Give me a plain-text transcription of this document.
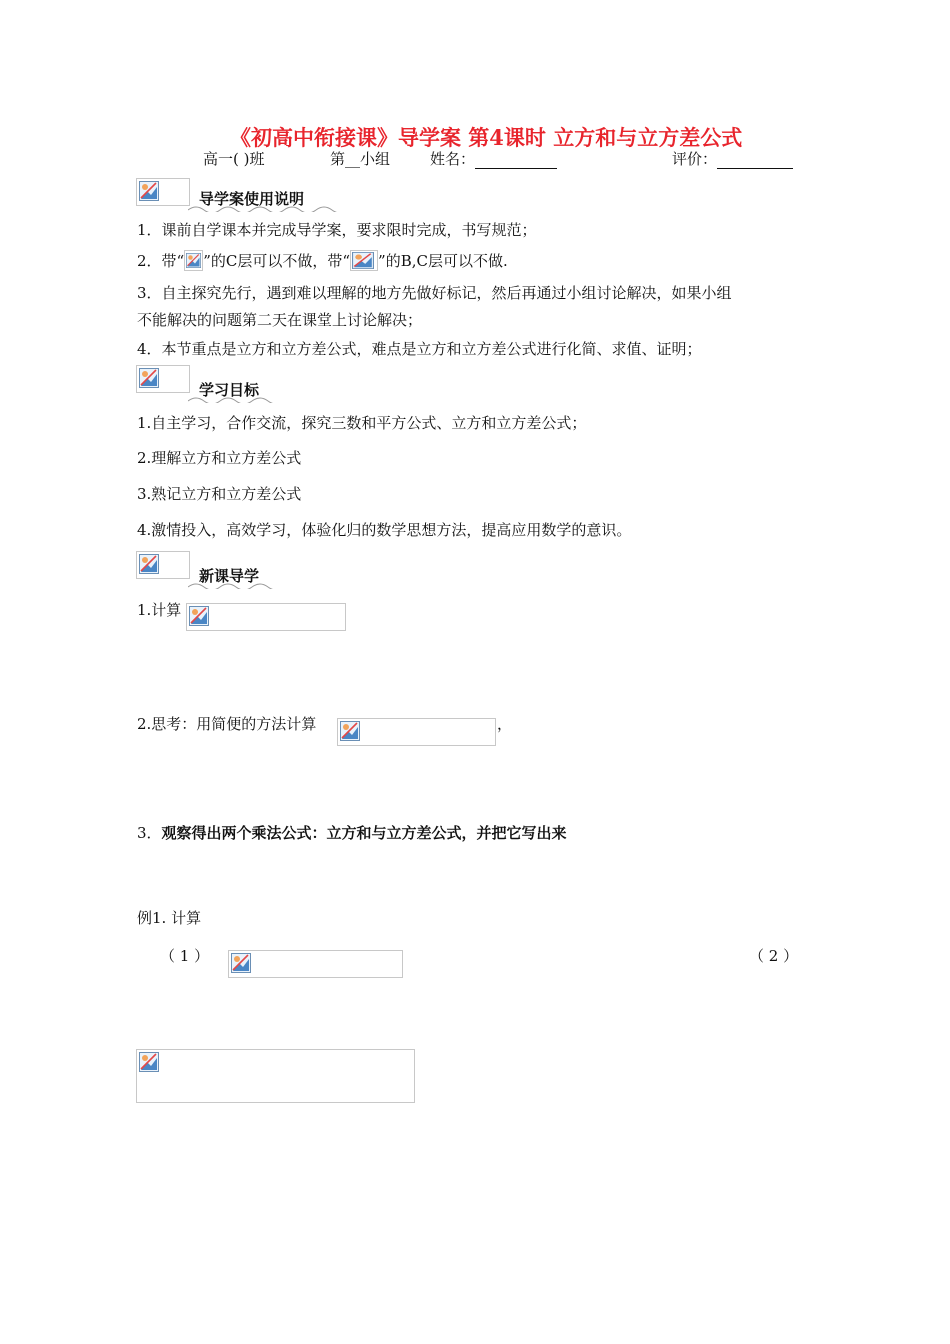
《初高中衔接课》导学案 第4课时 立方和与立方差公式
高一( )班	第__小组	姓名：	评价：
导学案使用说明
1．课前自学课本并完成导学案，要求限时完成，书写规范；
2．带“ ”的C层可以不做，带“ ”的B,C层可以不做.
3．自主探究先行，遇到难以理解的地方先做好标记，然后再通过小组讨论解决，如果小组
不能解决的问题第二天在课堂上讨论解决；
4．本节重点是立方和立方差公式，难点是立方和立方差公式进行化简、求值、证明；
学习目标
1.自主学习，合作交流，探究三数和平方公式、立方和立方差公式；
2.理解立方和立方差公式
3.熟记立方和立方差公式
4.激情投入，高效学习，体验化归的数学思想方法，提高应用数学的意识。
新课导学
1.计算
2.思考：用简便的方法计算	，
3．观察得出两个乘法公式：立方和与立方差公式，并把它写出来
例1. 计算
（ 1 ）	（ 2 ）
